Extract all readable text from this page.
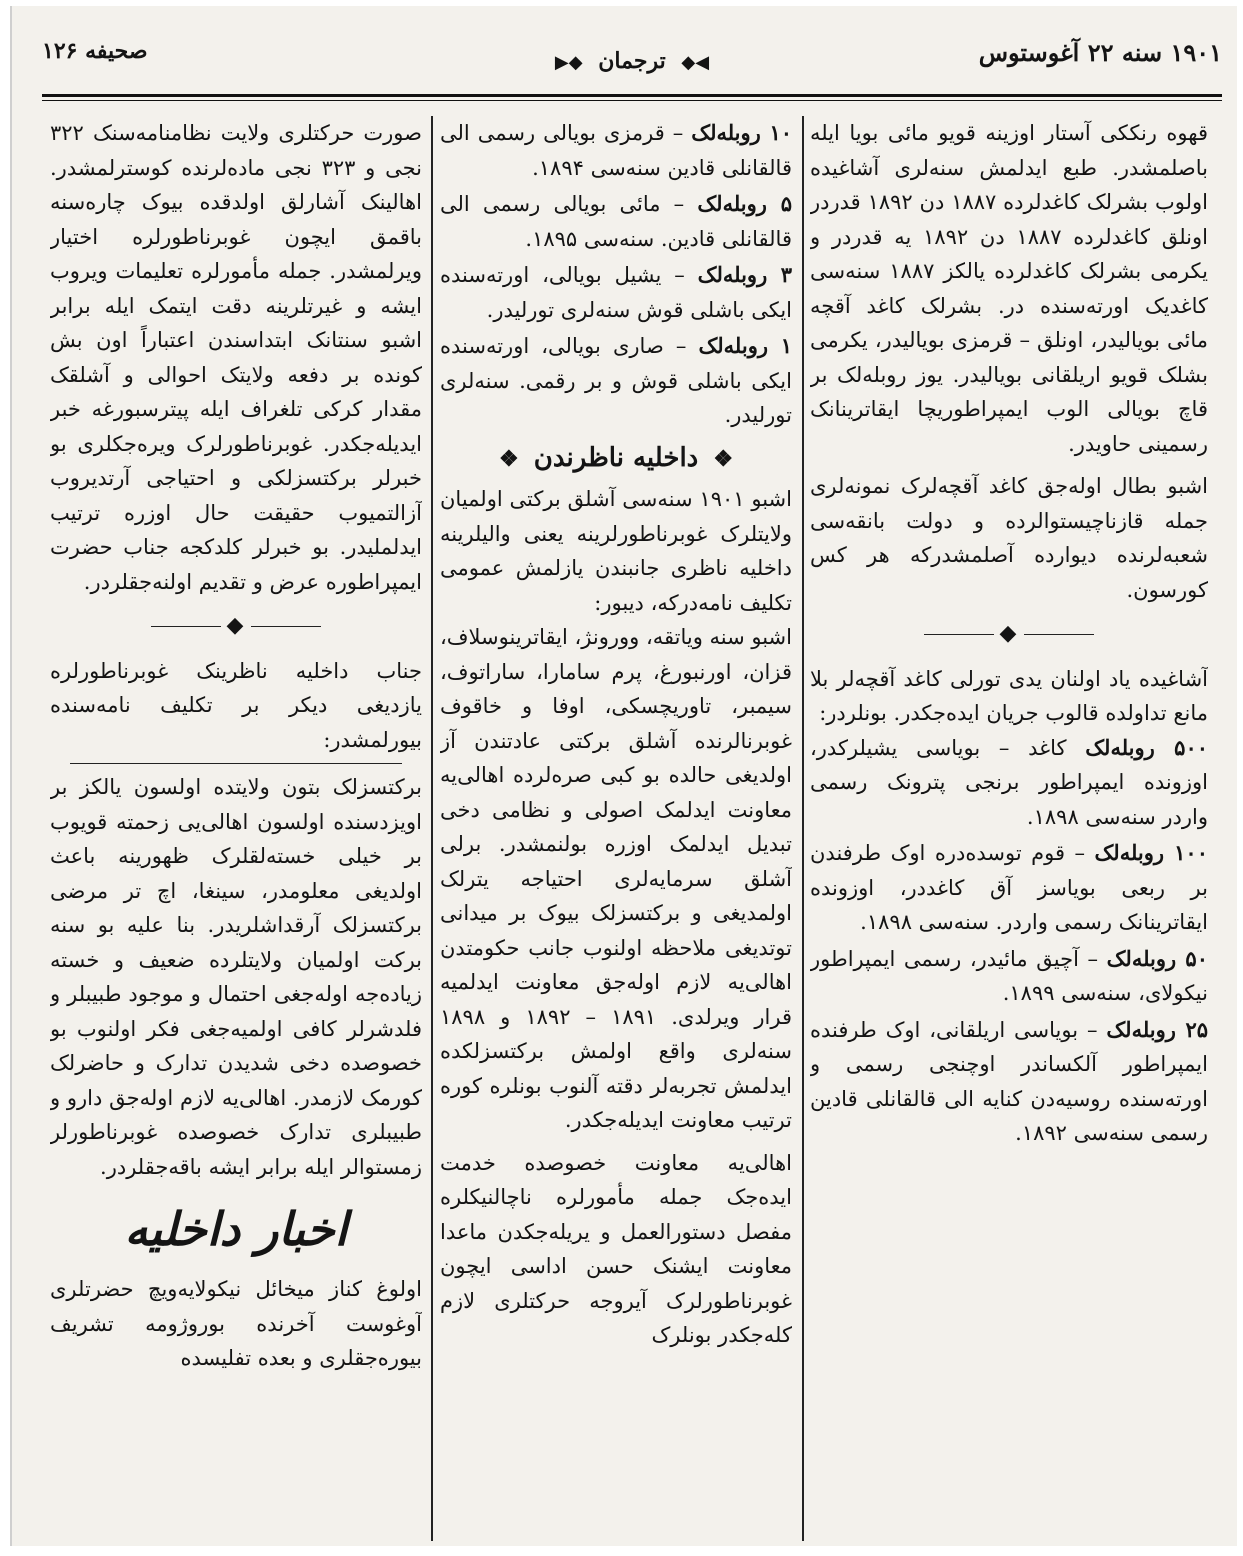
۱۹۰۱ سنه ۲۲ آغوستوس
◀◆ ترجمان ◆▶
صحیفه ۱۲۶

قهوه رنککی آستار اوزینه قویو مائی بویا ایله باصلمشدر. طبع ایدلمش سنه‌لری آشاغیده اولوب بشرلک کاغدلرده ۱۸۸۷ دن ۱۸۹۲ قدردر اونلق کاغدلرده ۱۸۸۷ دن ۱۸۹۲ یه قدردر و یکرمی بشرلک کاغدلرده یالکز ۱۸۸۷ سنه‌سی کاغدیک اورته‌سنده در. بشرلک کاغد آقچه مائی بویالیدر، اونلق – قرمزی بویالیدر، یکرمی بشلک قویو اریلقانی بویالیدر. یوز روبله‌لک بر قاچ بویالی الوب ایمپراطوریچا ایقاترینانک رسمینی حاویدر.

اشبو بطال اوله‌جق کاغد آقچه‌لرک نمونه‌لری جمله قازناچیستوالرده و دولت بانقه‌سی شعبه‌لرنده دیوارده آصلمشدرکه هر کس کورسون.

◆

آشاغیده یاد اولنان یدی تورلی کاغد آقچه‌لر بلا مانع تداولده قالوب جریان ایده‌جکدر. بونلردر:

۵۰۰ روبله‌لک کاغد – بویاسی یشیلرکدر، اوزونده ایمپراطور برنجی پترونک رسمی واردر سنه‌سی ۱۸۹۸.
۱۰۰ روبله‌لک – قوم توسده‌دره اوک طرفندن بر ربعی بویاسز آق کاغددر، اوزونده ایقاترینانک رسمی واردر. سنه‌سی ۱۸۹۸.
۵۰ روبله‌لک – آچیق مائیدر، رسمی ایمپراطور نیکولای، سنه‌سی ۱۸۹۹.
۲۵ روبله‌لک – بویاسی اریلقانی، اوک طرفنده ایمپراطور آلکساندر اوچنجی رسمی و اورته‌سنده روسیه‌دن کنایه الی قالقانلی قادین رسمی سنه‌سی ۱۸۹۲.
۱۰ روبله‌لک – قرمزی بویالی رسمی الی قالقانلی قادین سنه‌سی ۱۸۹۴.
۵ روبله‌لک – مائی بویالی رسمی الی قالقانلی قادین. سنه‌سی ۱۸۹۵.
۳ روبله‌لک – یشیل بویالی، اورته‌سنده ایکی باشلی قوش سنه‌لری تورلیدر.
۱ روبله‌لک – صاری بویالی، اورته‌سنده ایکی باشلی قوش و بر رقمی. سنه‌لری تورلیدر.
❖ داخلیه ناظرندن ❖

اشبو ۱۹۰۱ سنه‌سی آشلق برکتی اولمیان ولایتلرک غوبرناطورلرینه یعنی والیلرینه داخلیه ناظری جانبندن یازلمش عمومی تکلیف نامه‌درکه، دیبور:

اشبو سنه ویاتقه، وورونژ، ایقاترینوسلاف، قزان، اورنبورغ، پرم سامارا، ساراتوف، سیمبر، تاوریچسکی، اوفا و خاقوف غوبرنالرنده آشلق برکتی عادتندن آز اولدیغی حالده بو کبی صره‌لرده اهالی‌یه معاونت ایدلمک اصولی و نظامی دخی تبدیل ایدلمک اوزره بولنمشدر. برلی آشلق سرمایه‌لری احتیاجه یترلک اولمدیغی و برکتسزلک بیوک بر میدانی توتدیغی ملاحظه اولنوب جانب حکومتدن اهالی‌یه لازم اوله‌جق معاونت ایدلمیه قرار ویرلدی. ۱۸۹۱ – ۱۸۹۲ و ۱۸۹۸ سنه‌لری واقع اولمش برکتسزلکده ایدلمش تجربه‌لر دقته آلنوب بونلره کوره ترتیب معاونت ایدیله‌جکدر.

اهالی‌یه معاونت خصوصده خدمت ایده‌جک جمله مأمورلره ناچالنیکلره مفصل دستورالعمل و یریله‌جکدن ماعدا معاونت ایشنک حسن اداسی ایچون غوبرناطورلرک آیروجه حرکتلری لازم کله‌جکدر بونلرک

صورت حرکتلری ولایت نظامنامه‌سنک ۳۲۲ نجی و ۳۲۳ نجی ماده‌لرنده کوسترلمشدر. اهالینک آشارلق اولدقده بیوک چاره‌سنه باقمق ایچون غوبرناطورلره اختیار ویرلمشدر. جمله مأمورلره تعلیمات ویروب ایشه و غیرتلرینه دقت ایتمک ایله برابر اشبو سنتانک ابتداسندن اعتباراً اون بش کونده بر دفعه ولایتک احوالی و آشلقک مقدار کرکی تلغراف ایله پیترسبورغه خبر ایدیله‌جکدر. غوبرناطورلرک ویره‌جکلری بو خبرلر برکتسزلکی و احتیاجی آرتدیروب آزالتمیوب حقیقت حال اوزره ترتیب ایدلملیدر. بو خبرلر کلدکجه جناب حضرت ایمپراطوره عرض و تقدیم اولنه‌جقلردر.

◆

جناب داخلیه ناظرینک غوبرناطورلره یازدیغی دیکر بر تکلیف نامه‌سنده بیورلمشدر:

برکتسزلک بتون ولایتده اولسون یالکز بر اویزدسنده اولسون اهالی‌یی زحمته قویوب بر خیلی خسته‌لقلرک ظهورینه باعث اولدیغی معلومدر، سینغا، اچ تر مرضی برکتسزلک آرقداشلریدر. بنا علیه بو سنه برکت اولمیان ولایتلرده ضعیف و خسته زیاده‌جه اوله‌جغی احتمال و موجود طبیبلر و فلدشرلر کافی اولمیه‌جغی فکر اولنوب بو خصوصده دخی شدیدن تدارک و حاضرلک کورمک لازمدر. اهالی‌یه لازم اوله‌جق دارو و طبیبلری تدارک خصوصده غوبرناطورلر زمستوالر ایله برابر ایشه باقه‌جقلردر.

اخبار داخلیه

اولوغ کناز میخائل نیکولایه‌ویچ حضرتلری آوغوست آخرنده بوروژومه تشریف بیوره‌جقلری و بعده تفلیسده
